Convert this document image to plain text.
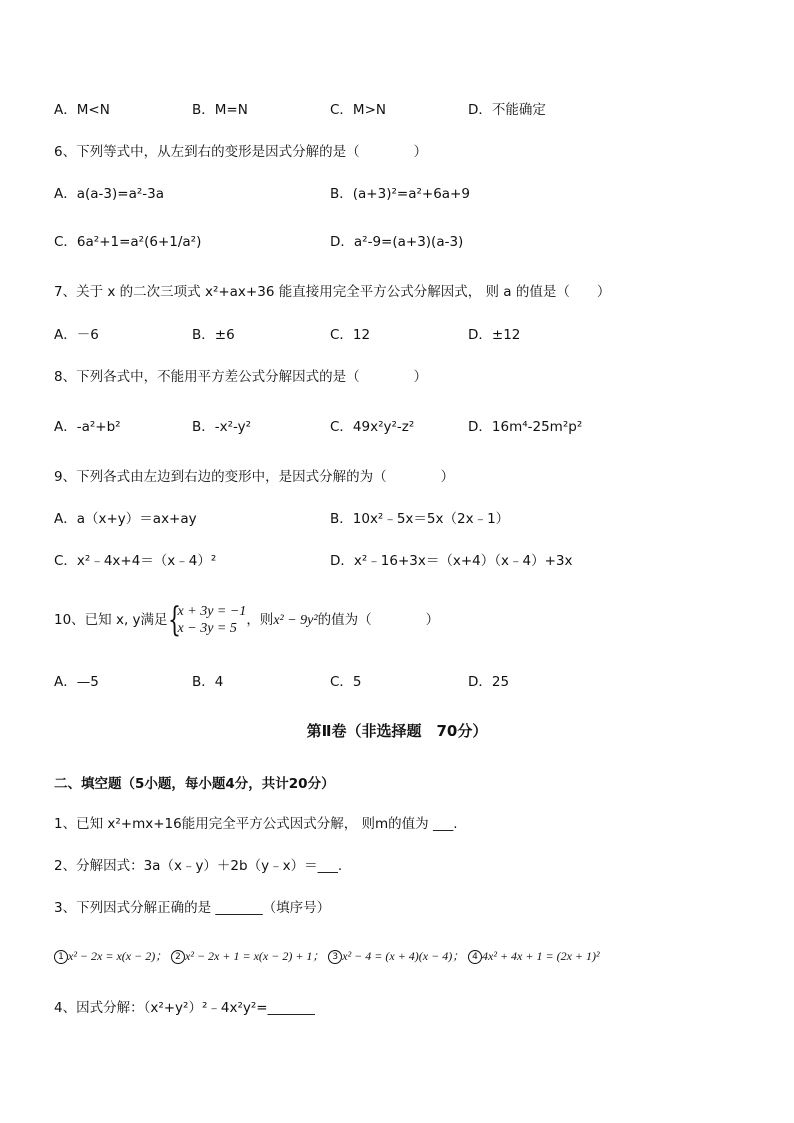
A．M<N	B．M=N	C．M>N	D．不能确定
6、下列等式中，从左到右的变形是因式分解的是（　　　　）
A．a(a-3)=a²-3a	B．(a+3)²=a²+6a+9
C．6a²+1=a²(6+1/a²)	D．a²-9=(a+3)(a-3)
7、关于 x 的二次三项式 x²+ax+36 能直接用完全平方公式分解因式， 则 a 的值是（　　）
A．－6	B．±6	C．12	D．±12
8、下列各式中，不能用平方差公式分解因式的是（　　　　）
A．-a²+b²	B．-x²-y²	C．49x²y²-z²	D．16m⁴-25m²p²
9、下列各式由左边到右边的变形中，是因式分解的为（　　　　）
A．a（x+y）＝ax+ay	B．10x²﹣5x＝5x（2x﹣1）
C．x²﹣4x+4＝（x﹣4）²	D．x²﹣16+3x＝（x+4）（x﹣4）+3x
10、已知 x, y满足 {
x + 3y = −1
x − 3y = 5
，则x² − 9y²的值为（　　　　）
A．—5	B．4	C．5	D．25
第Ⅱ卷（非选择题　70分）
二、填空题（5小题，每小题4分，共计20分）
1、已知 x²+mx+16能用完全平方公式因式分解， 则m的值为 ___.
2、分解因式：3a（x﹣y）＋2b（y﹣x）＝___.
3、下列因式分解正确的是 _______（填序号）
1 x² − 2x = x(x − 2)； 2 x² − 2x + 1 = x(x − 2) + 1； 3 x² − 4 = (x + 4)(x − 4)； 4 4x² + 4x + 1 = (2x + 1)²
4、因式分解：（x²+y²）²﹣4x²y²=_______
